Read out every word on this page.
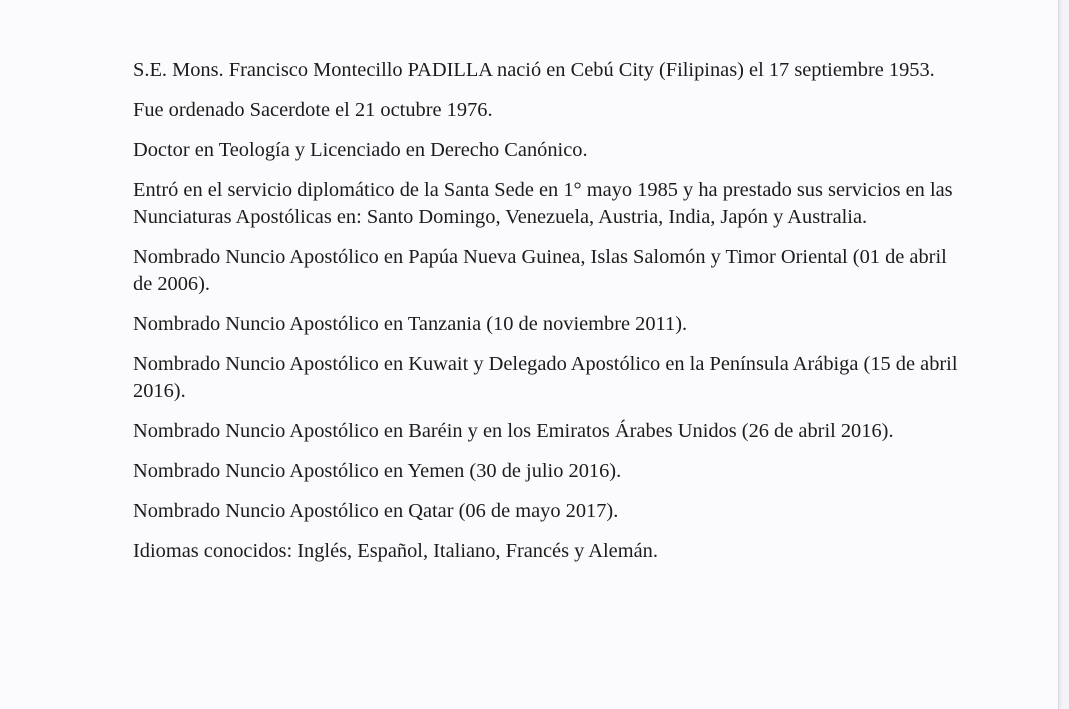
S.E. Mons. Francisco Montecillo PADILLA nació en Cebú City (Filipinas) el 17 septiembre 1953.

Fue ordenado Sacerdote el 21 octubre 1976.

Doctor en Teología y Licenciado en Derecho Canónico.

Entró en el servicio diplomático de la Santa Sede en 1° mayo 1985 y ha prestado sus servicios en las Nunciaturas Apostólicas en: Santo Domingo, Venezuela, Austria, India, Japón y Australia.

Nombrado Nuncio Apostólico en Papúa Nueva Guinea, Islas Salomón y Timor Oriental (01 de abril de 2006).

Nombrado Nuncio Apostólico en Tanzania (10 de noviembre 2011).

Nombrado Nuncio Apostólico en Kuwait y Delegado Apostólico en la Península Arábiga (15 de abril 2016).

Nombrado Nuncio Apostólico en Baréin y en los Emiratos Árabes Unidos (26 de abril 2016).

Nombrado Nuncio Apostólico en Yemen (30 de julio 2016).

Nombrado Nuncio Apostólico en Qatar (06 de mayo 2017).

Idiomas conocidos: Inglés, Español, Italiano, Francés y Alemán.
